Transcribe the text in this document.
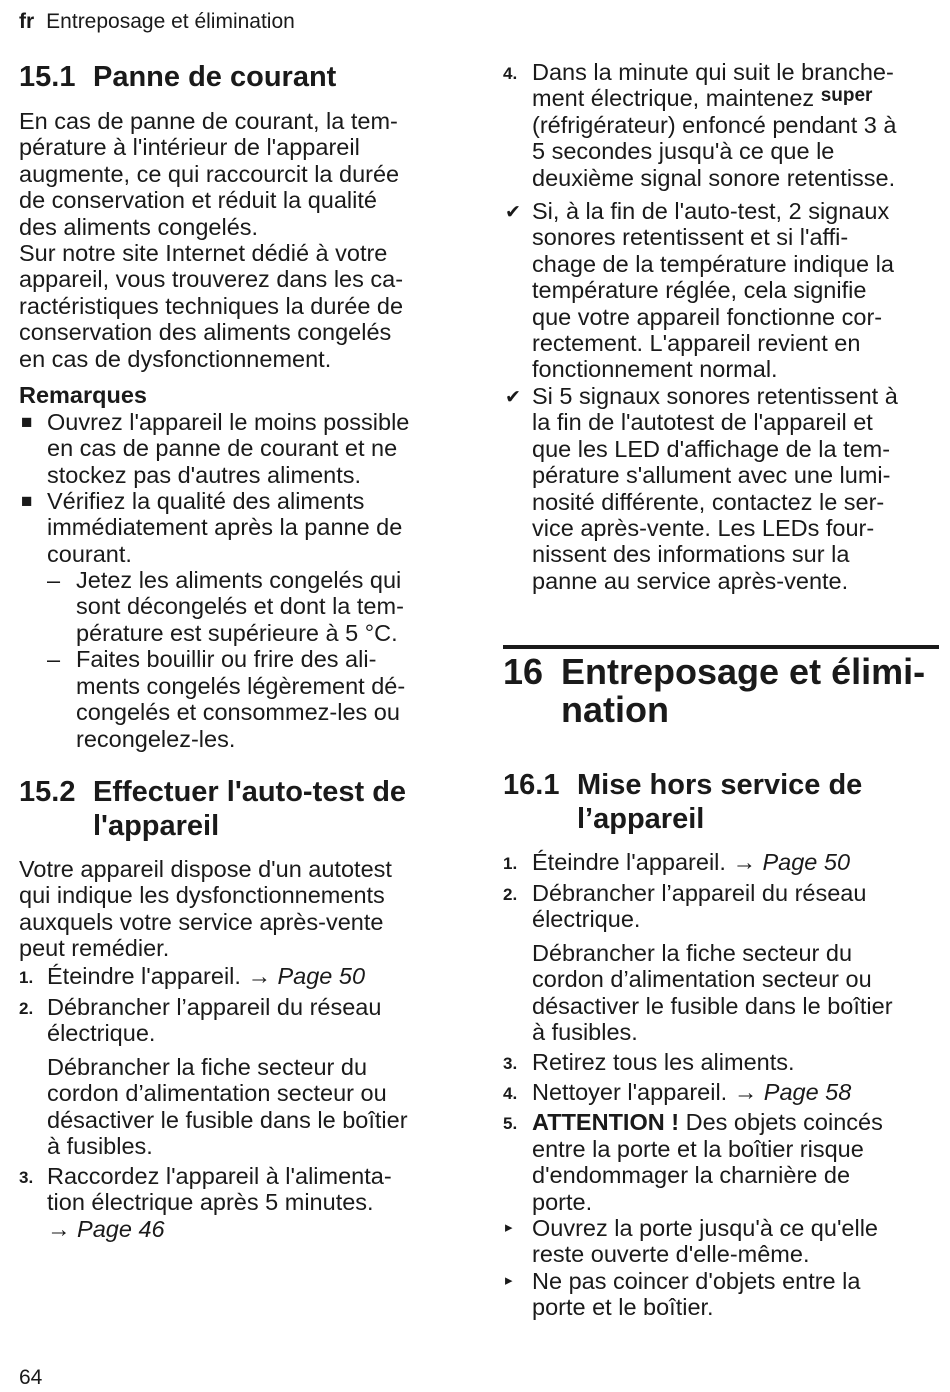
fr Entreposage et élimination
15.1 Panne de courant
En cas de panne de courant, la tem-
pérature à l'intérieur de l'appareil
augmente, ce qui raccourcit la durée
de conservation et réduit la qualité
des aliments congelés.
Sur notre site Internet dédié à votre
appareil, vous trouverez dans les ca-
ractéristiques techniques la durée de
conservation des aliments congelés
en cas de dysfonctionnement.
Remarques
■ Ouvrez l'appareil le moins possible
en cas de panne de courant et ne
stockez pas d'autres aliments.
■ Vérifiez la qualité des aliments
immédiatement après la panne de
courant.
– Jetez les aliments congelés qui
sont décongelés et dont la tem-
pérature est supérieure à 5 °C.
– Faites bouillir ou frire des ali-
ments congelés légèrement dé-
congelés et consommez-les ou
recongelez-les.
15.2 Effectuer l'auto-test de
l'appareil
Votre appareil dispose d'un autotest
qui indique les dysfonctionnements
auxquels votre service après-vente
peut remédier.
1. Éteindre l'appareil. → Page 50
2. Débrancher l’appareil du réseau
électrique.
Débrancher la fiche secteur du
cordon d’alimentation secteur ou
désactiver le fusible dans le boîtier
à fusibles.
3. Raccordez l'appareil à l'alimenta-
tion électrique après 5 minutes.
→ Page 46
4. Dans la minute qui suit le branche-
ment électrique, maintenez $^{super}$
(réfrigérateur) enfoncé pendant 3 à
5 secondes jusqu'à ce que le
deuxième signal sonore retentisse.
✔ Si, à la fin de l'auto-test, 2 signaux
sonores retentissent et si l'affi-
chage de la température indique la
température réglée, cela signifie
que votre appareil fonctionne cor-
rectement. L'appareil revient en
fonctionnement normal.
✔ Si 5 signaux sonores retentissent à
la fin de l'autotest de l'appareil et
que les LED d'affichage de la tem-
pérature s'allument avec une lumi-
nosité différente, contactez le ser-
vice après-vente. Les LEDs four-
nissent des informations sur la
panne au service après-vente.
16 Entreposage et élimi-
nation
16.1 Mise hors service de
l’appareil
1. Éteindre l'appareil. → Page 50
2. Débrancher l’appareil du réseau
électrique.
Débrancher la fiche secteur du
cordon d’alimentation secteur ou
désactiver le fusible dans le boîtier
à fusibles.
3. Retirez tous les aliments.
4. Nettoyer l'appareil. → Page 58
5. ATTENTION ! Des objets coincés
entre la porte et la boîtier risque
d'endommager la charnière de
porte.
▸ Ouvrez la porte jusqu'à ce qu'elle
reste ouverte d'elle-même.
▸ Ne pas coincer d'objets entre la
porte et le boîtier.
64
